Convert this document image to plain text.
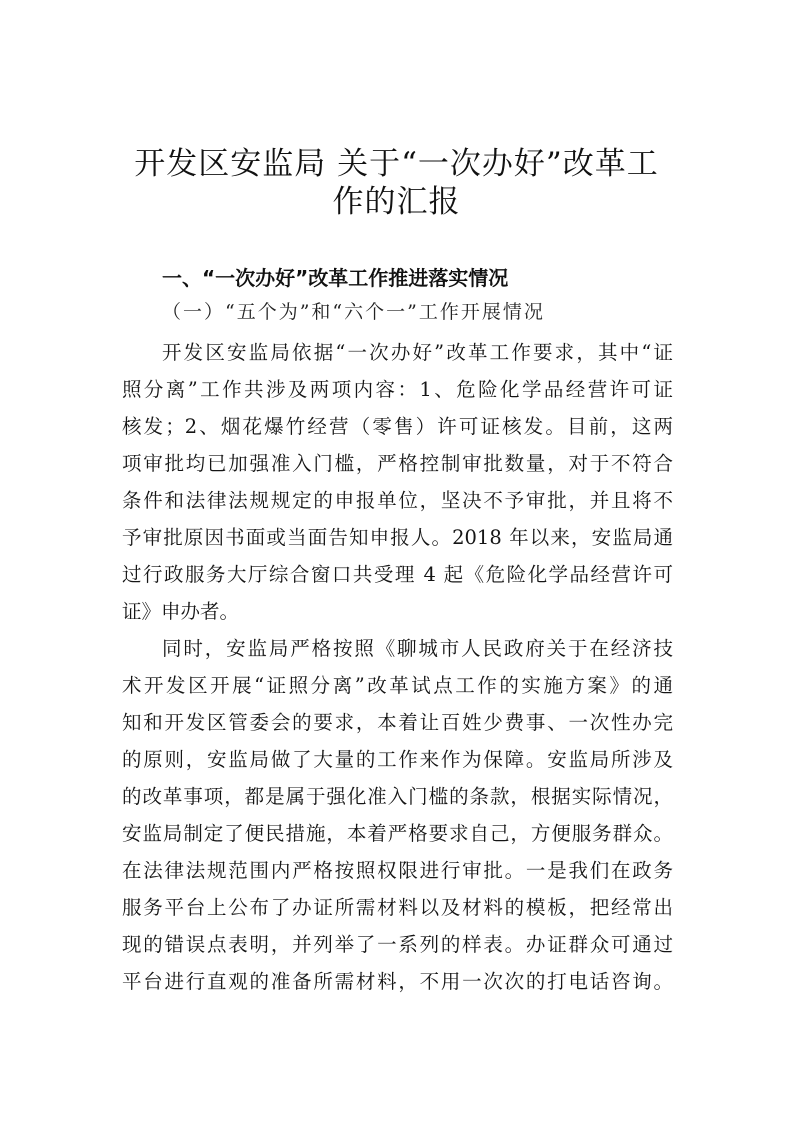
开发区安监局 关于“一次办好”改革工
作的汇报
一、“一次办好”改革工作推进落实情况
（一）“五个为”和“六个一”工作开展情况
开发区安监局依据“一次办好”改革工作要求，其中“证
照分离”工作共涉及两项内容：1、危险化学品经营许可证
核发；2、烟花爆竹经营（零售）许可证核发。目前，这两
项审批均已加强准入门槛，严格控制审批数量，对于不符合
条件和法律法规规定的申报单位，坚决不予审批，并且将不
予审批原因书面或当面告知申报人。2018 年以来，安监局通
过行政服务大厅综合窗口共受理 4 起《危险化学品经营许可
证》申办者。
同时，安监局严格按照《聊城市人民政府关于在经济技
术开发区开展“证照分离”改革试点工作的实施方案》的通
知和开发区管委会的要求，本着让百姓少费事、一次性办完
的原则，安监局做了大量的工作来作为保障。安监局所涉及
的改革事项，都是属于强化准入门槛的条款，根据实际情况，
安监局制定了便民措施，本着严格要求自己，方便服务群众。
在法律法规范围内严格按照权限进行审批。一是我们在政务
服务平台上公布了办证所需材料以及材料的模板，把经常出
现的错误点表明，并列举了一系列的样表。办证群众可通过
平台进行直观的准备所需材料，不用一次次的打电话咨询。
